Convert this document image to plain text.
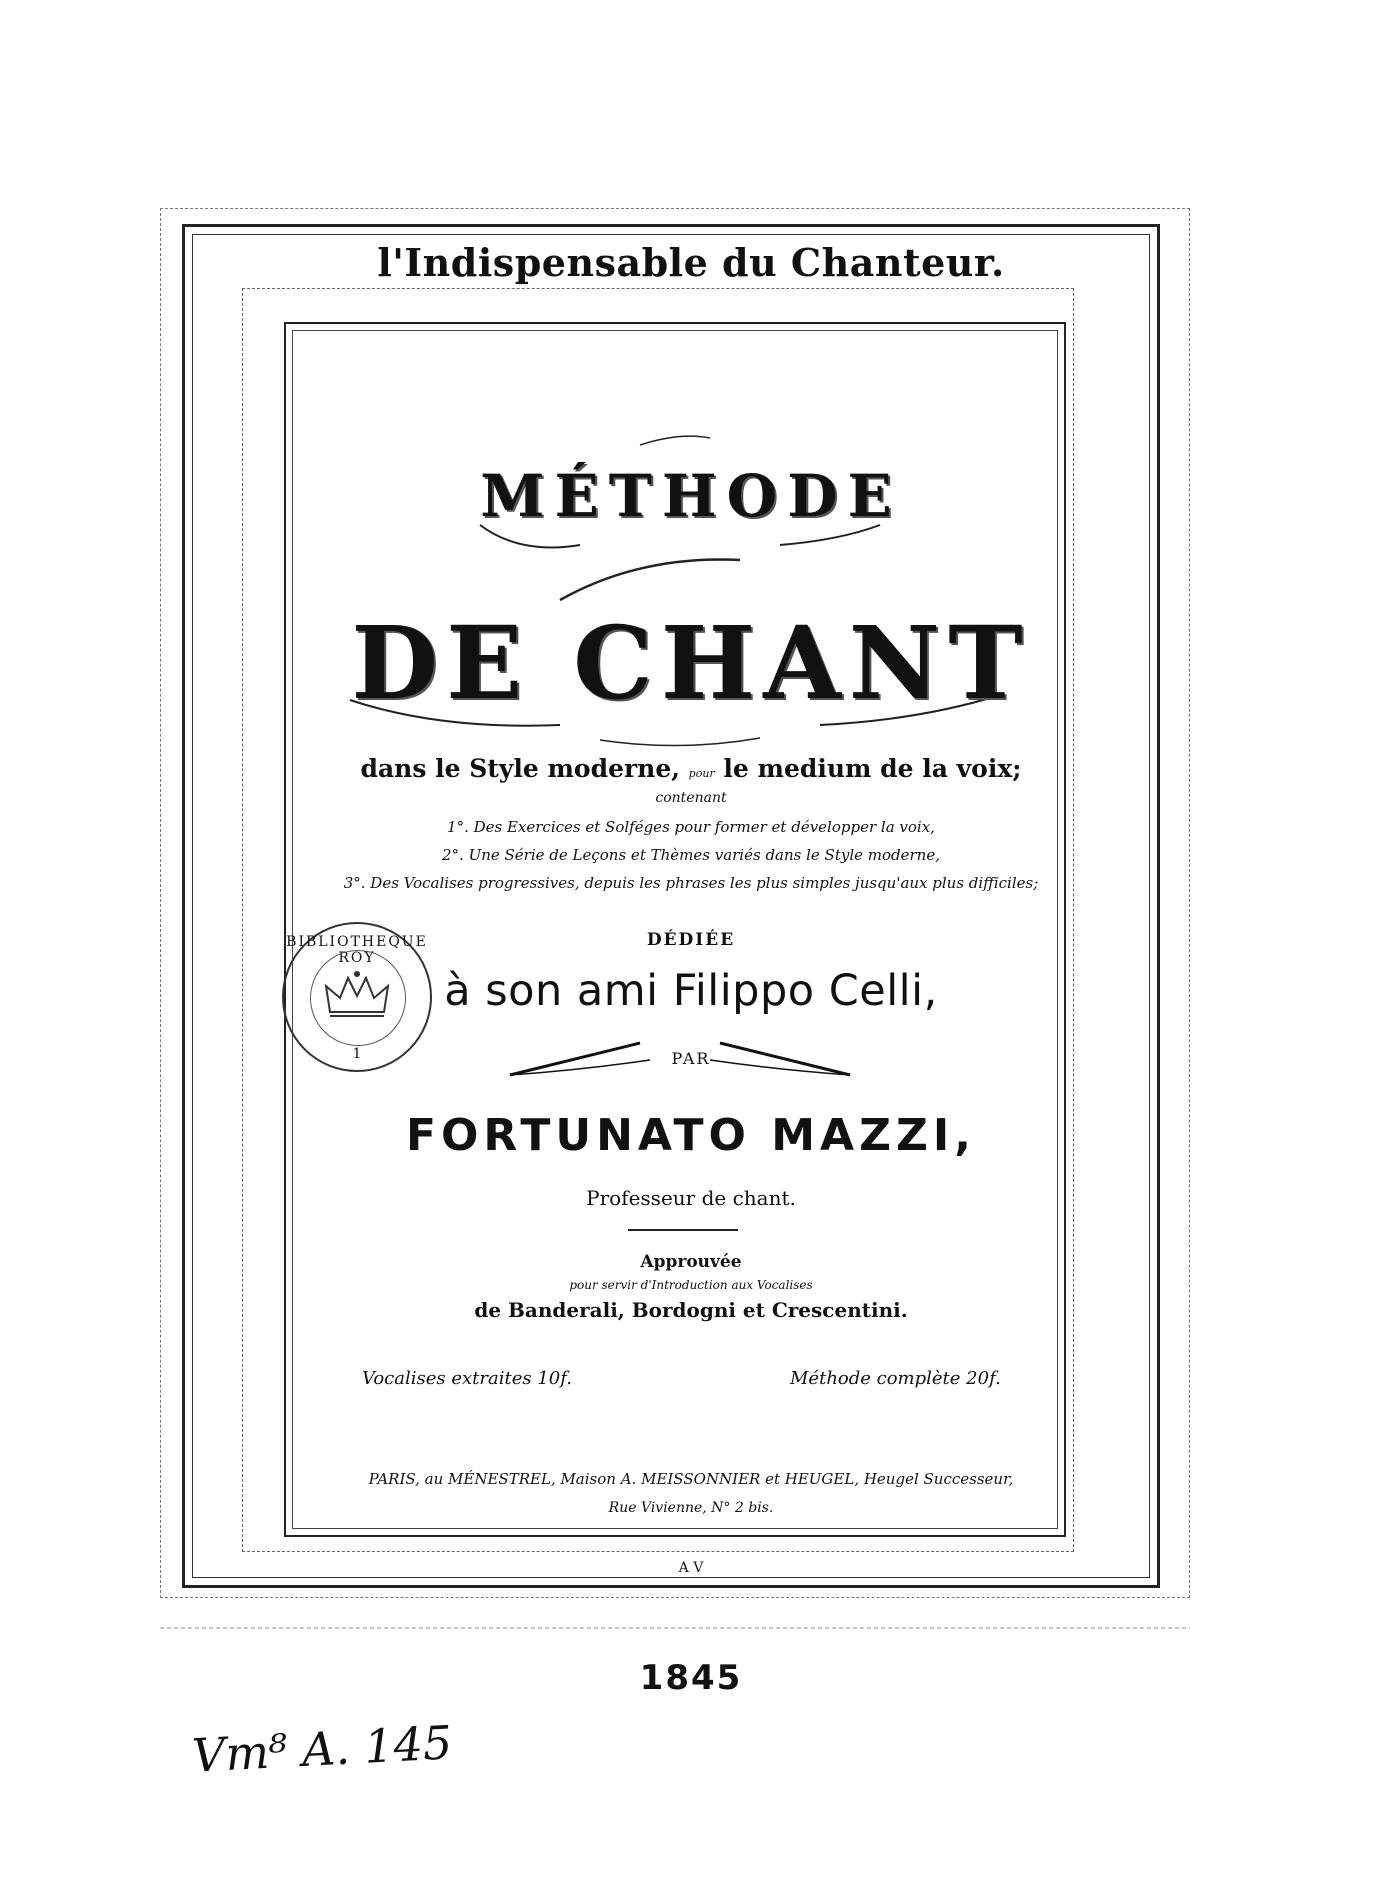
l'Indispensable du Chanteur.
MÉTHODE
DE CHANT
dans le Style moderne, pour le medium de la voix;
contenant
1°. Des Exercices et Solféges pour former et développer la voix,
2°. Une Série de Leçons et Thèmes variés dans le Style moderne,
3°. Des Vocalises progressives, depuis les phrases les plus simples jusqu'aux plus difficiles;
DÉDIÉE
à son ami Filippo Celli,
BIBLIOTHEQUE ROY
1	PAR
FORTUNATO MAZZI,
Professeur de chant.
Approuvée
pour servir d'Introduction aux Vocalises
de Banderali, Bordogni et Crescentini.
Vocalises extraites 10f.	Méthode complète 20f.
PARIS, au MÉNESTREL, Maison A. MEISSONNIER et HEUGEL, Heugel Successeur,
Rue Vivienne, N° 2 bis.
A V
1845
Vm⁸ A. 145
